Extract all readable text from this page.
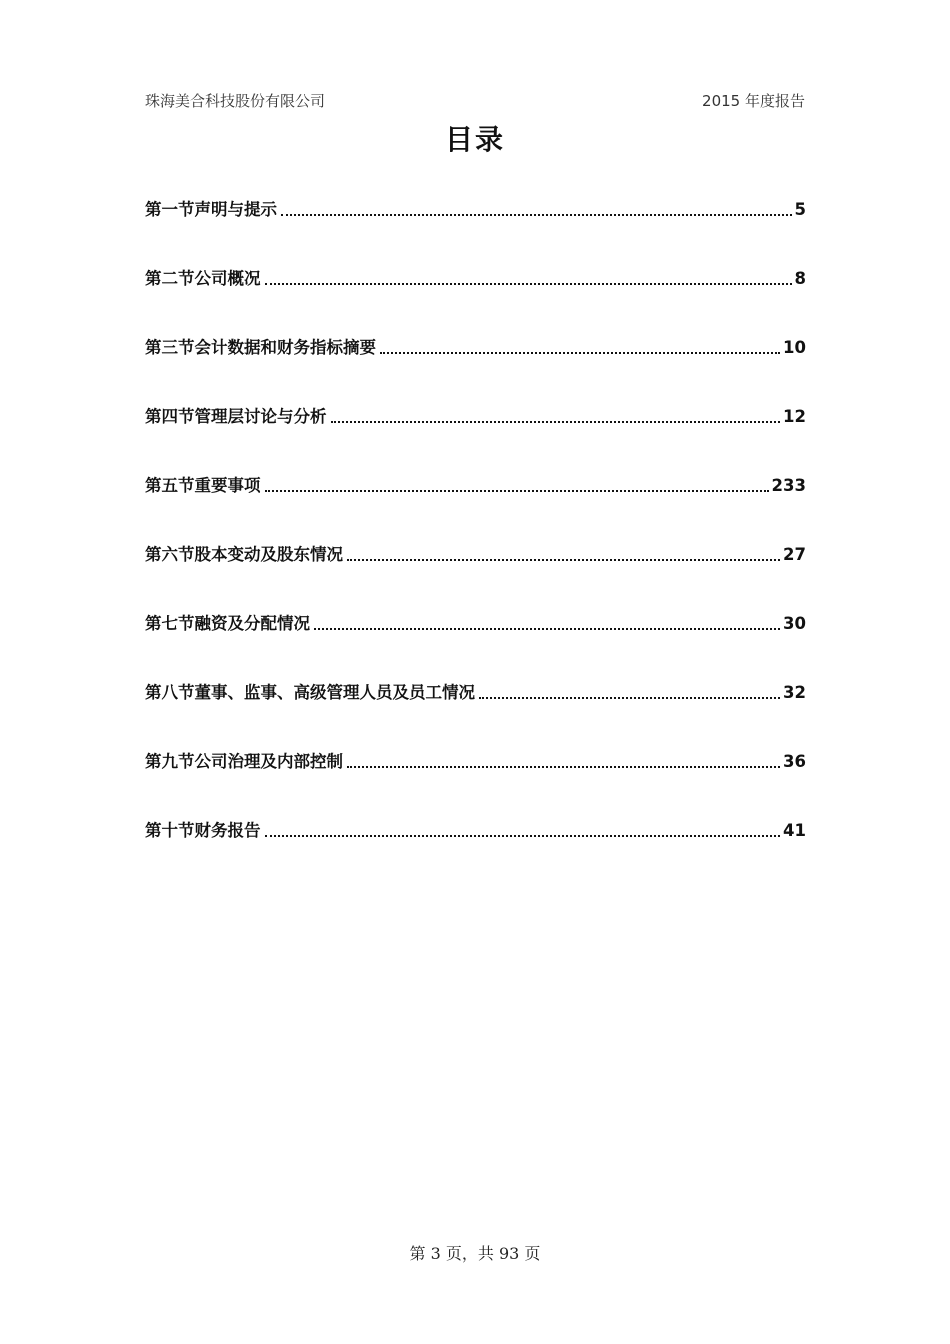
珠海美合科技股份有限公司	2015 年度报告
目录
第一节声明与提示	5
第二节公司概况	8
第三节会计数据和财务指标摘要	10
第四节管理层讨论与分析	12
第五节重要事项	233
第六节股本变动及股东情况	27
第七节融资及分配情况	30
第八节董事、监事、高级管理人员及员工情况	32
第九节公司治理及内部控制	36
第十节财务报告	41
第 3 页，共 93 页
